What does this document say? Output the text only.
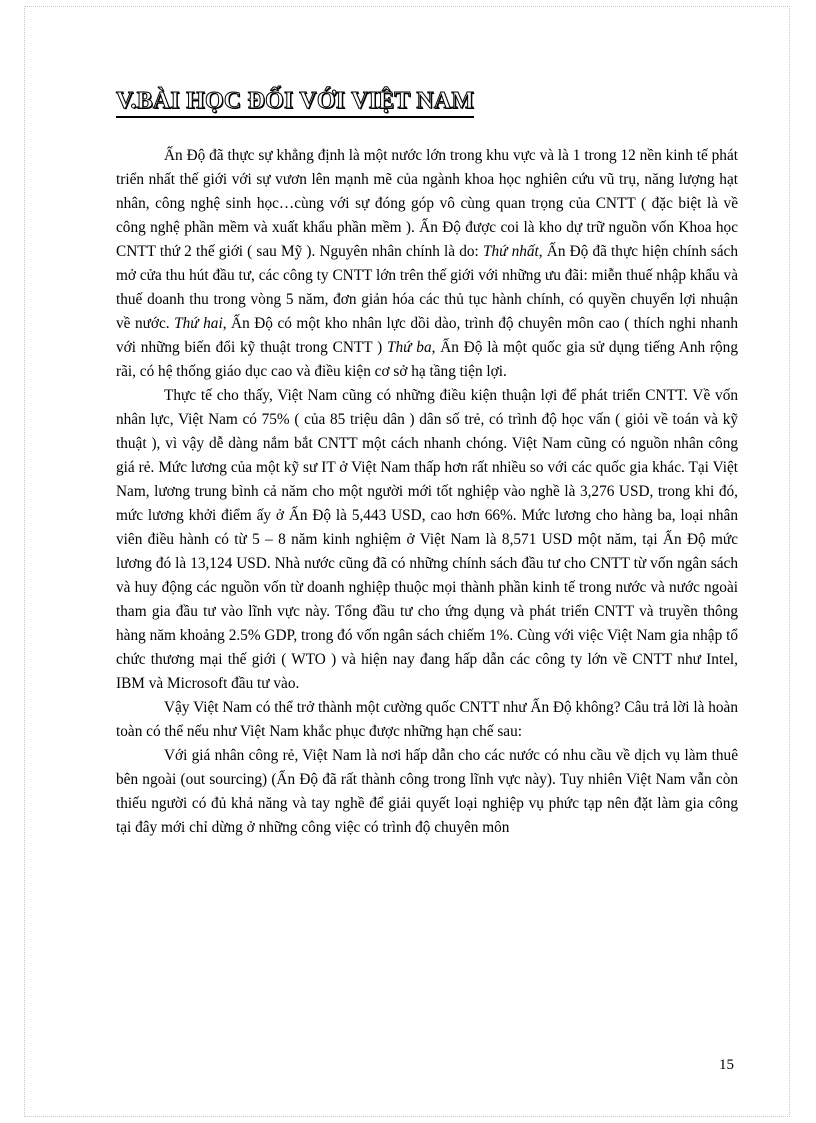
V.BÀI HỌC ĐỐI VỚI VIỆT NAM

Ấn Độ đã thực sự khẳng định là một nước lớn trong khu vực và là 1 trong 12 nền kinh tế phát triển nhất thế giới với sự vươn lên mạnh mẽ của ngành khoa học nghiên cứu vũ trụ, năng lượng hạt nhân, công nghệ sinh học…cùng với sự đóng góp vô cùng quan trọng của CNTT ( đặc biệt là về công nghệ phần mềm và xuất khẩu phần mềm ). Ấn Độ được coi là kho dự trữ nguồn vốn Khoa học CNTT thứ 2 thế giới ( sau Mỹ ). Nguyên nhân chính là do: Thứ nhất, Ấn Độ đã thực hiện chính sách mở cửa thu hút đầu tư, các công ty CNTT lớn trên thế giới với những ưu đãi: miễn thuế nhập khẩu và thuế doanh thu trong vòng 5 năm, đơn giản hóa các thủ tục hành chính, có quyền chuyển lợi nhuận về nước. Thứ hai, Ấn Độ có một kho nhân lực dồi dào, trình độ chuyên môn cao ( thích nghi nhanh với những biến đổi kỹ thuật trong CNTT ) Thứ ba, Ấn Độ là một quốc gia sử dụng tiếng Anh rộng rãi, có hệ thống giáo dục cao và điều kiện cơ sở hạ tầng tiện lợi.

Thực tế cho thấy, Việt Nam cũng có những điều kiện thuận lợi để phát triển CNTT. Về vốn nhân lực, Việt Nam có 75% ( của 85 triệu dân ) dân số trẻ, có trình độ học vấn ( giỏi về toán và kỹ thuật ), vì vậy dễ dàng nắm bắt CNTT một cách nhanh chóng. Việt Nam cũng có nguồn nhân công giá rẻ. Mức lương của một kỹ sư IT ở Việt Nam thấp hơn rất nhiều so với các quốc gia khác. Tại Việt Nam, lương trung bình cả năm cho một người mới tốt nghiệp vào nghề là 3,276 USD, trong khi đó, mức lương khởi điểm ấy ở Ấn Độ là 5,443 USD, cao hơn 66%. Mức lương cho hàng ba, loại nhân viên điều hành có từ 5 – 8 năm kinh nghiệm ở Việt Nam là 8,571 USD một năm, tại Ấn Độ mức lương đó là 13,124 USD. Nhà nước cũng đã có những chính sách đầu tư cho CNTT từ vốn ngân sách và huy động các nguồn vốn từ doanh nghiệp thuộc mọi thành phần kinh tế trong nước và nước ngoài tham gia đầu tư vào lĩnh vực này. Tổng đầu tư cho ứng dụng và phát triển CNTT và truyền thông hàng năm khoảng 2.5% GDP, trong đó vốn ngân sách chiếm 1%. Cùng với việc Việt Nam gia nhập tổ chức thương mại thế giới ( WTO ) và hiện nay đang hấp dẫn các công ty lớn về CNTT như Intel, IBM và Microsoft đầu tư vào.

Vậy Việt Nam có thể trở thành một cường quốc CNTT như Ấn Độ không? Câu trả lời là hoàn toàn có thể nếu như Việt Nam khắc phục được những hạn chế sau:

Với giá nhân công rẻ, Việt Nam là nơi hấp dẫn cho các nước có nhu cầu về dịch vụ làm thuê bên ngoài (out sourcing) (Ấn Độ đã rất thành công trong lĩnh vực này). Tuy nhiên Việt Nam vẫn còn thiếu người có đủ khả năng và tay nghề để giải quyết loại nghiệp vụ phức tạp nên đặt làm gia công tại đây mới chỉ dừng ở những công việc có trình độ chuyên môn

15
